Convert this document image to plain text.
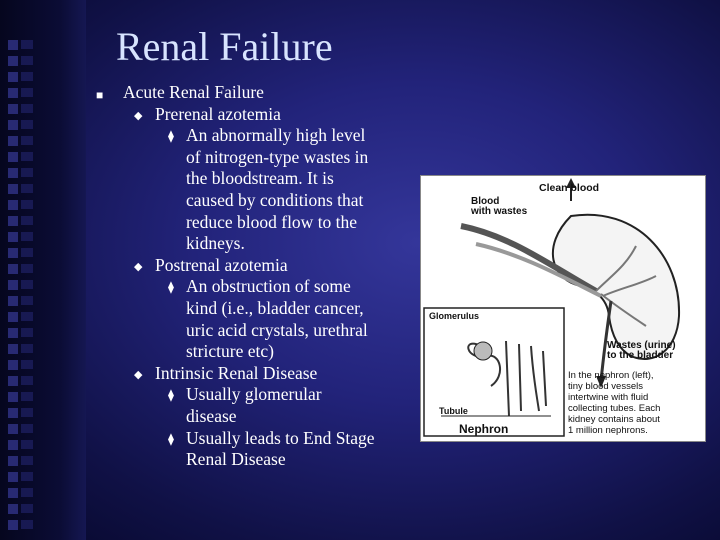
Renal Failure
■ Acute Renal Failure
◆ Prerenal azotemia
⧫ An abnormally high level
of nitrogen-type wastes in
the bloodstream. It is
caused by conditions that
reduce blood flow to the
kidneys.
◆ Postrenal azotemia
⧫ An obstruction of some
kind (i.e., bladder cancer,
uric acid crystals, urethral
stricture etc)
◆ Intrinsic Renal Disease
⧫ Usually glomerular
disease
⧫ Usually leads to End Stage
Renal Disease
Clean blood
Blood
with wastes
Glomerulus
Wastes (urine)
to the bladder
Tubule
Nephron
In the nephron (left),
tiny blood vessels
intertwine with fluid
collecting tubes. Each
kidney contains about
1 million nephrons.
